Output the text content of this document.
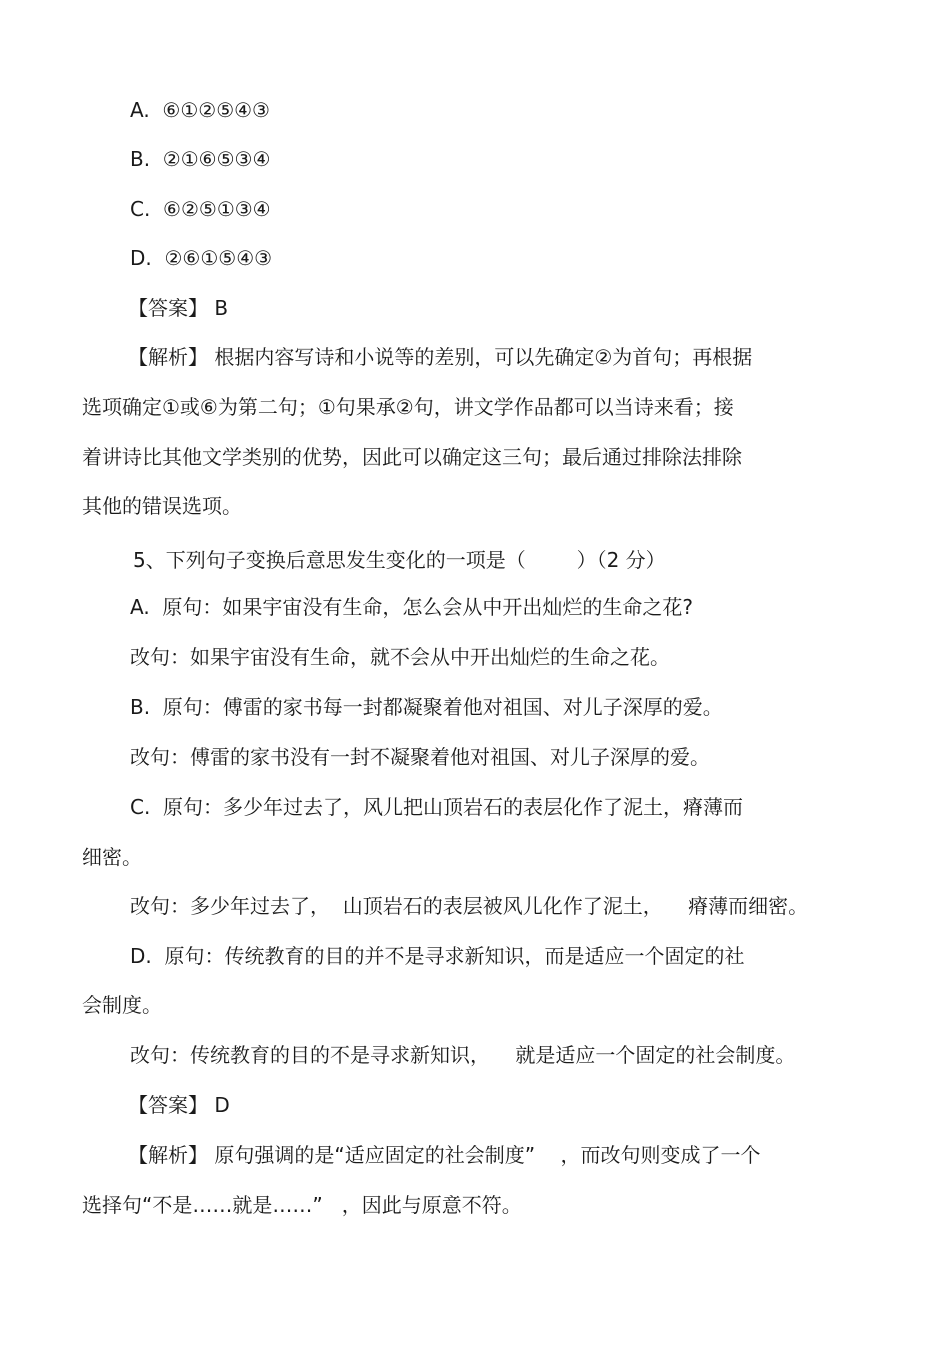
A.  ⑥①②⑤④③
B.  ②①⑥⑤③④
C.  ⑥②⑤①③④
D.  ②⑥①⑤④③
【答案】 B
【解析】 根据内容写诗和小说等的差别，可以先确定②为首句；再根据
选项确定①或⑥为第二句；①句果承②句，讲文学作品都可以当诗来看；接
着讲诗比其他文学类别的优势，因此可以确定这三句；最后通过排除法排除
其他的错误选项。
5、下列句子变换后意思发生变化的一项是（        ）（2 分）
A.  原句：如果宇宙没有生命，怎么会从中开出灿烂的生命之花?
改句：如果宇宙没有生命，就不会从中开出灿烂的生命之花。
B.  原句：傅雷的家书每一封都凝聚着他对祖国、对儿子深厚的爱。
改句：傅雷的家书没有一封不凝聚着他对祖国、对儿子深厚的爱。
C.  原句：多少年过去了，风儿把山顶岩石的表层化作了泥土，瘠薄而
细密。
改句：多少年过去了，  山顶岩石的表层被风儿化作了泥土，    瘠薄而细密。
D.  原句：传统教育的目的并不是寻求新知识，而是适应一个固定的社
会制度。
改句：传统教育的目的不是寻求新知识，    就是适应一个固定的社会制度。
【答案】 D
【解析】 原句强调的是“适应固定的社会制度”    ，而改句则变成了一个
选择句“不是……就是……”   ，因此与原意不符。
